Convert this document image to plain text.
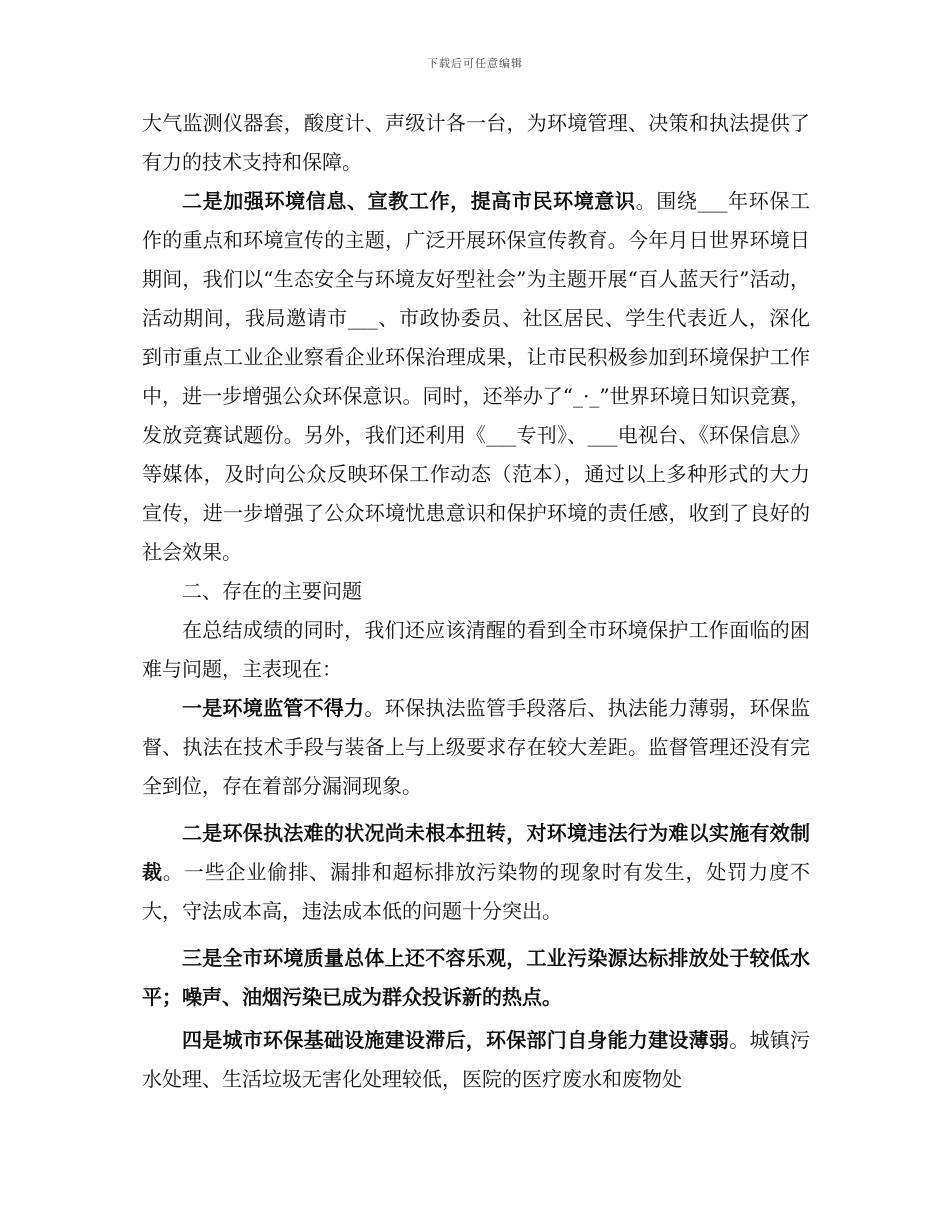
下载后可任意编辑

大气监测仪器套，酸度计、声级计各一台，为环境管理、决策和执法提供了有力的技术支持和保障。

二是加强环境信息、宣教工作，提高市民环境意识。围绕___年环保工作的重点和环境宣传的主题，广泛开展环保宣传教育。今年月日世界环境日期间，我们以“生态安全与环境友好型社会”为主题开展“百人蓝天行”活动，活动期间，我局邀请市___、市政协委员、社区居民、学生代表近人，深化到市重点工业企业察看企业环保治理成果，让市民积极参加到环境保护工作中，进一步增强公众环保意识。同时，还举办了“_·_”世界环境日知识竞赛，发放竞赛试题份。另外，我们还利用《___专刊》、___电视台、《环保信息》等媒体，及时向公众反映环保工作动态（范本），通过以上多种形式的大力宣传，进一步增强了公众环境忧患意识和保护环境的责任感，收到了良好的社会效果。

二、存在的主要问题

在总结成绩的同时，我们还应该清醒的看到全市环境保护工作面临的困难与问题，主表现在：

一是环境监管不得力。环保执法监管手段落后、执法能力薄弱，环保监督、执法在技术手段与装备上与上级要求存在较大差距。监督管理还没有完全到位，存在着部分漏洞现象。

二是环保执法难的状况尚未根本扭转，对环境违法行为难以实施有效制裁。一些企业偷排、漏排和超标排放污染物的现象时有发生，处罚力度不大，守法成本高，违法成本低的问题十分突出。

三是全市环境质量总体上还不容乐观，工业污染源达标排放处于较低水平；噪声、油烟污染已成为群众投诉新的热点。

四是城市环保基础设施建设滞后，环保部门自身能力建设薄弱。城镇污水处理、生活垃圾无害化处理较低，医院的医疗废水和废物处
